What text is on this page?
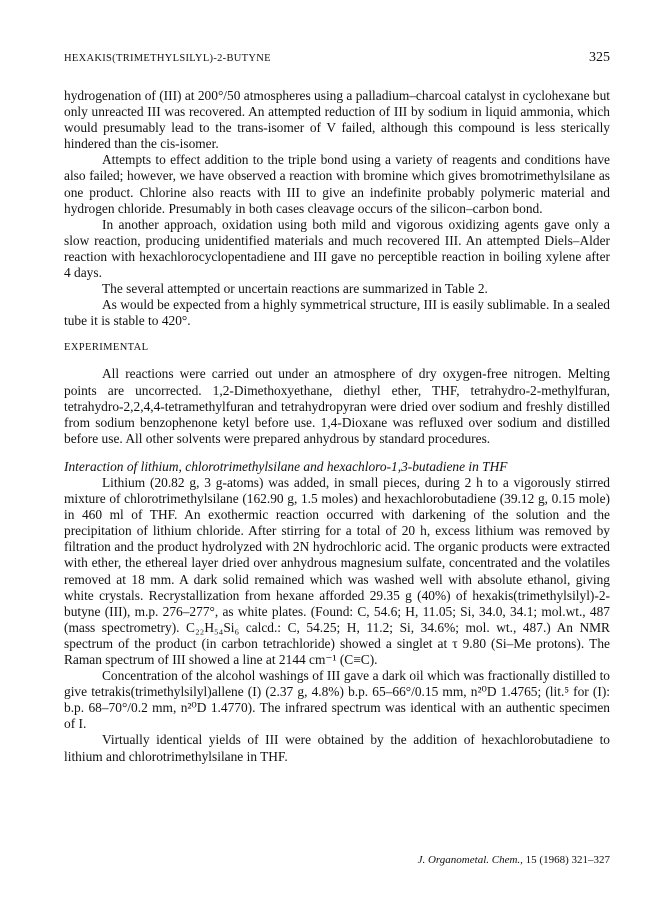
HEXAKIS(TRIMETHYLSILYL)-2-BUTYNE	325

hydrogenation of (III) at 200°/50 atmospheres using a palladium–charcoal catalyst in cyclohexane but only unreacted III was recovered. An attempted reduction of III by sodium in liquid ammonia, which would presumably lead to the trans-isomer of V failed, although this compound is less sterically hindered than the cis-isomer.

Attempts to effect addition to the triple bond using a variety of reagents and conditions have also failed; however, we have observed a reaction with bromine which gives bromotrimethylsilane as one product. Chlorine also reacts with III to give an indefinite probably polymeric material and hydrogen chloride. Presumably in both cases cleavage occurs of the silicon–carbon bond.

In another approach, oxidation using both mild and vigorous oxidizing agents gave only a slow reaction, producing unidentified materials and much recovered III. An attempted Diels–Alder reaction with hexachlorocyclopentadiene and III gave no perceptible reaction in boiling xylene after 4 days.

The several attempted or uncertain reactions are summarized in Table 2.

As would be expected from a highly symmetrical structure, III is easily sublimable. In a sealed tube it is stable to 420°.

EXPERIMENTAL

All reactions were carried out under an atmosphere of dry oxygen-free nitrogen. Melting points are uncorrected. 1,2-Dimethoxyethane, diethyl ether, THF, tetrahydro-2-methylfuran, tetrahydro-2,2,4,4-tetramethylfuran and tetrahydropyran were dried over sodium and freshly distilled from sodium benzophenone ketyl before use. 1,4-Dioxane was refluxed over sodium and distilled before use. All other solvents were prepared anhydrous by standard procedures.

Interaction of lithium, chlorotrimethylsilane and hexachloro-1,3-butadiene in THF

Lithium (20.82 g, 3 g-atoms) was added, in small pieces, during 2 h to a vigorously stirred mixture of chlorotrimethylsilane (162.90 g, 1.5 moles) and hexachlorobutadiene (39.12 g, 0.15 mole) in 460 ml of THF. An exothermic reaction occurred with darkening of the solution and the precipitation of lithium chloride. After stirring for a total of 20 h, excess lithium was removed by filtration and the product hydrolyzed with 2N hydrochloric acid. The organic products were extracted with ether, the ethereal layer dried over anhydrous magnesium sulfate, concentrated and the volatiles removed at 18 mm. A dark solid remained which was washed well with absolute ethanol, giving white crystals. Recrystallization from hexane afforded 29.35 g (40%) of hexakis(trimethylsilyl)-2-butyne (III), m.p. 276–277°, as white plates. (Found: C, 54.6; H, 11.05; Si, 34.0, 34.1; mol.wt., 487 (mass spectrometry). C₂₂H₅₄Si₆ calcd.: C, 54.25; H, 11.2; Si, 34.6%; mol. wt., 487.) An NMR spectrum of the product (in carbon tetrachloride) showed a singlet at τ 9.80 (Si–Me protons). The Raman spectrum of III showed a line at 2144 cm⁻¹ (C≡C).

Concentration of the alcohol washings of III gave a dark oil which was fractionally distilled to give tetrakis(trimethylsilyl)allene (I) (2.37 g, 4.8%) b.p. 65–66°/0.15 mm, n²⁰D 1.4765; (lit.⁵ for (I): b.p. 68–70°/0.2 mm, n²⁰D 1.4770). The infrared spectrum was identical with an authentic specimen of I.

Virtually identical yields of III were obtained by the addition of hexachlorobutadiene to lithium and chlorotrimethylsilane in THF.

J. Organometal. Chem., 15 (1968) 321–327
